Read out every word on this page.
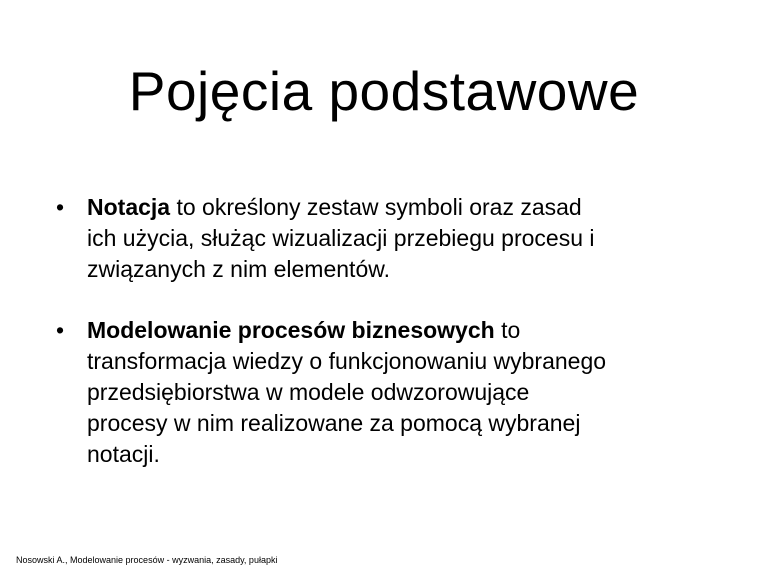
Pojęcia podstawowe
•
Notacja to określony zestaw symboli oraz zasad
ich użycia, służąc wizualizacji przebiegu procesu i
związanych z nim elementów.
•
Modelowanie procesów biznesowych to
transformacja wiedzy o funkcjonowaniu wybranego
przedsiębiorstwa w modele odwzorowujące
procesy w nim realizowane za pomocą wybranej
notacji.
Nosowski A., Modelowanie procesów - wyzwania, zasady, pułapki
